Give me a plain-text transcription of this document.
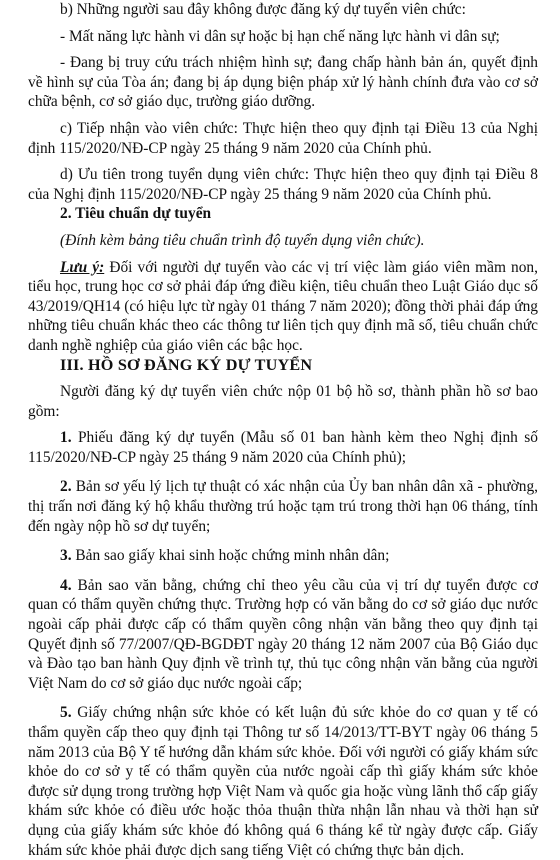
b) Những người sau đây không được đăng ký dự tuyển viên chức:

- Mất năng lực hành vi dân sự hoặc bị hạn chế năng lực hành vi dân sự;

- Đang bị truy cứu trách nhiệm hình sự; đang chấp hành bản án, quyết định về hình sự của Tòa án; đang bị áp dụng biện pháp xử lý hành chính đưa vào cơ sở chữa bệnh, cơ sở giáo dục, trường giáo dưỡng.

c) Tiếp nhận vào viên chức: Thực hiện theo quy định tại Điều 13 của Nghị định 115/2020/NĐ-CP ngày 25 tháng 9 năm 2020 của Chính phủ.

d) Ưu tiên trong tuyển dụng viên chức: Thực hiện theo quy định tại Điều 8 của Nghị định 115/2020/NĐ-CP ngày 25 tháng 9 năm 2020 của Chính phủ.

2. Tiêu chuẩn dự tuyển

(Đính kèm bảng tiêu chuẩn trình độ tuyển dụng viên chức).

Lưu ý: Đối với người dự tuyển vào các vị trí việc làm giáo viên mầm non, tiểu học, trung học cơ sở phải đáp ứng điều kiện, tiêu chuẩn theo Luật Giáo dục số 43/2019/QH14 (có hiệu lực từ ngày 01 tháng 7 năm 2020); đồng thời phải đáp ứng những tiêu chuẩn khác theo các thông tư liên tịch quy định mã số, tiêu chuẩn chức danh nghề nghiệp của giáo viên các bậc học.

III. HỒ SƠ ĐĂNG KÝ DỰ TUYỂN

Người đăng ký dự tuyển viên chức nộp 01 bộ hồ sơ, thành phần hồ sơ bao gồm:

1. Phiếu đăng ký dự tuyển (Mẫu số 01 ban hành kèm theo Nghị định số 115/2020/NĐ-CP ngày 25 tháng 9 năm 2020 của Chính phủ);

2. Bản sơ yếu lý lịch tự thuật có xác nhận của Ủy ban nhân dân xã - phường, thị trấn nơi đăng ký hộ khẩu thường trú hoặc tạm trú trong thời hạn 06 tháng, tính đến ngày nộp hồ sơ dự tuyển;

3. Bản sao giấy khai sinh hoặc chứng minh nhân dân;

4. Bản sao văn bằng, chứng chỉ theo yêu cầu của vị trí dự tuyển được cơ quan có thẩm quyền chứng thực. Trường hợp có văn bằng do cơ sở giáo dục nước ngoài cấp phải được cấp có thẩm quyền công nhận văn bằng theo quy định tại Quyết định số 77/2007/QĐ-BGDĐT ngày 20 tháng 12 năm 2007 của Bộ Giáo dục và Đào tạo ban hành Quy định về trình tự, thủ tục công nhận văn bằng của người Việt Nam do cơ sở giáo dục nước ngoài cấp;

5. Giấy chứng nhận sức khỏe có kết luận đủ sức khỏe do cơ quan y tế có thẩm quyền cấp theo quy định tại Thông tư số 14/2013/TT-BYT ngày 06 tháng 5 năm 2013 của Bộ Y tế hướng dẫn khám sức khỏe. Đối với người có giấy khám sức khỏe do cơ sở y tế có thẩm quyền của nước ngoài cấp thì giấy khám sức khỏe được sử dụng trong trường hợp Việt Nam và quốc gia hoặc vùng lãnh thổ cấp giấy khám sức khỏe có điều ước hoặc thỏa thuận thừa nhận lẫn nhau và thời hạn sử dụng của giấy khám sức khỏe đó không quá 6 tháng kể từ ngày được cấp. Giấy khám sức khỏe phải được dịch sang tiếng Việt có chứng thực bản dịch.
